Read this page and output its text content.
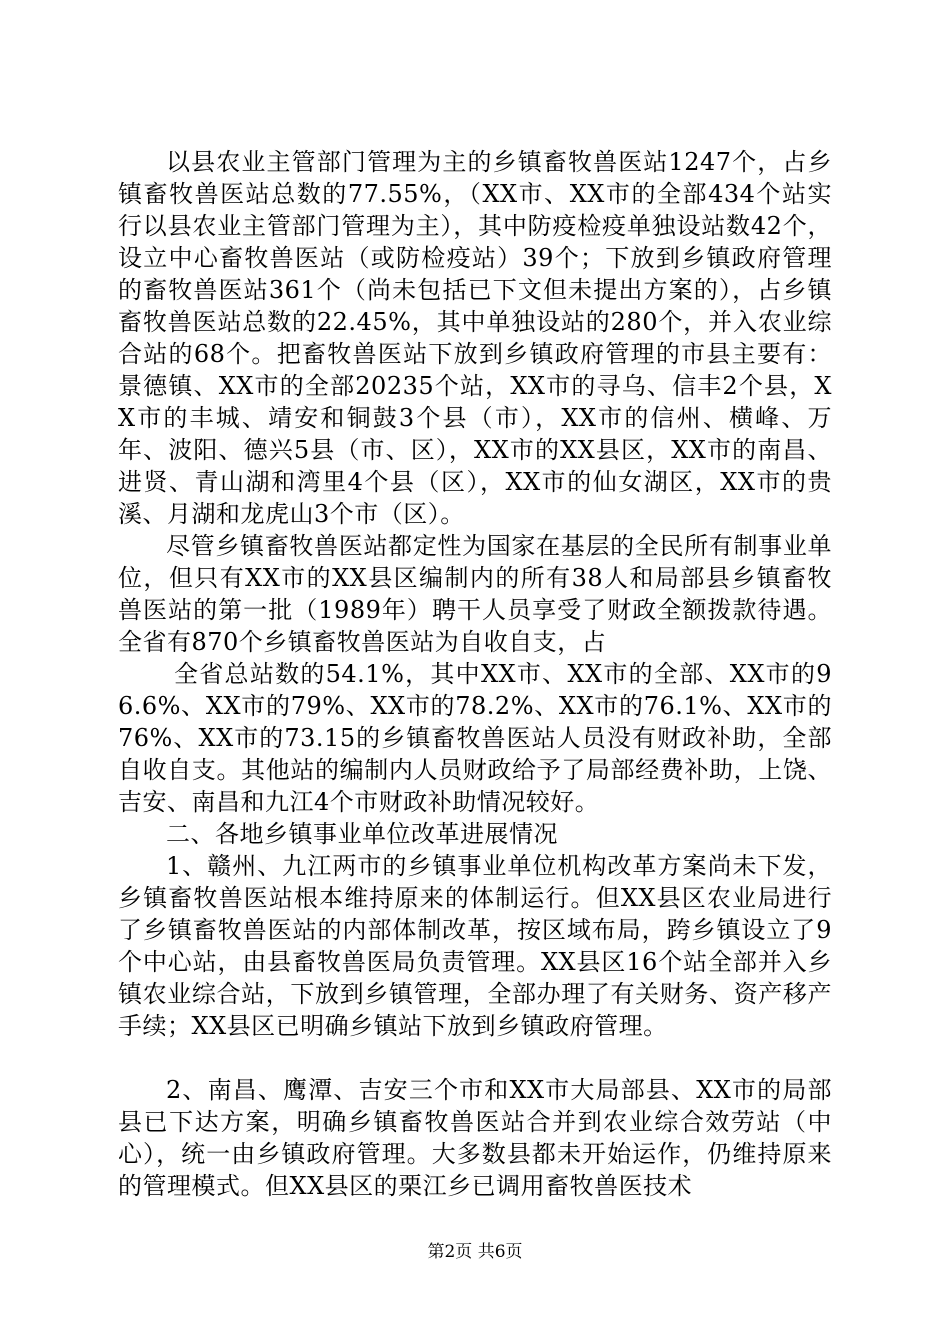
以县农业主管部门管理为主的乡镇畜牧兽医站1247个，占乡镇畜牧兽医站总数的77.55%，（XX市、XX市的全部434个站实行以县农业主管部门管理为主），其中防疫检疫单独设站数42个，设立中心畜牧兽医站（或防检疫站）39个；下放到乡镇政府管理的畜牧兽医站361个（尚未包括已下文但未提出方案的），占乡镇畜牧兽医站总数的22.45%，其中单独设站的280个，并入农业综合站的68个。把畜牧兽医站下放到乡镇政府管理的市县主要有：景德镇、XX市的全部20235个站，XX市的寻乌、信丰2个县，XX市的丰城、靖安和铜鼓3个县（市），XX市的信州、横峰、万年、波阳、德兴5县（市、区），XX市的XX县区，XX市的南昌、进贤、青山湖和湾里4个县（区），XX市的仙女湖区，XX市的贵溪、月湖和龙虎山3个市（区）。

尽管乡镇畜牧兽医站都定性为国家在基层的全民所有制事业单位，但只有XX市的XX县区编制内的所有38人和局部县乡镇畜牧兽医站的第一批（1989年）聘干人员享受了财政全额拨款待遇。全省有870个乡镇畜牧兽医站为自收自支，占

全省总站数的54.1%，其中XX市、XX市的全部、XX市的96.6%、XX市的79%、XX市的78.2%、XX市的76.1%、XX市的76%、XX市的73.15的乡镇畜牧兽医站人员没有财政补助，全部自收自支。其他站的编制内人员财政给予了局部经费补助，上饶、吉安、南昌和九江4个市财政补助情况较好。

二、各地乡镇事业单位改革进展情况

1、赣州、九江两市的乡镇事业单位机构改革方案尚未下发，乡镇畜牧兽医站根本维持原来的体制运行。但XX县区农业局进行了乡镇畜牧兽医站的内部体制改革，按区域布局，跨乡镇设立了9个中心站，由县畜牧兽医局负责管理。XX县区16个站全部并入乡镇农业综合站，下放到乡镇管理，全部办理了有关财务、资产移产手续；XX县区已明确乡镇站下放到乡镇政府管理。

2、南昌、鹰潭、吉安三个市和XX市大局部县、XX市的局部县已下达方案，明确乡镇畜牧兽医站合并到农业综合效劳站（中心），统一由乡镇政府管理。大多数县都未开始运作，仍维持原来的管理模式。但XX县区的栗江乡已调用畜牧兽医技术

第2页 共6页
